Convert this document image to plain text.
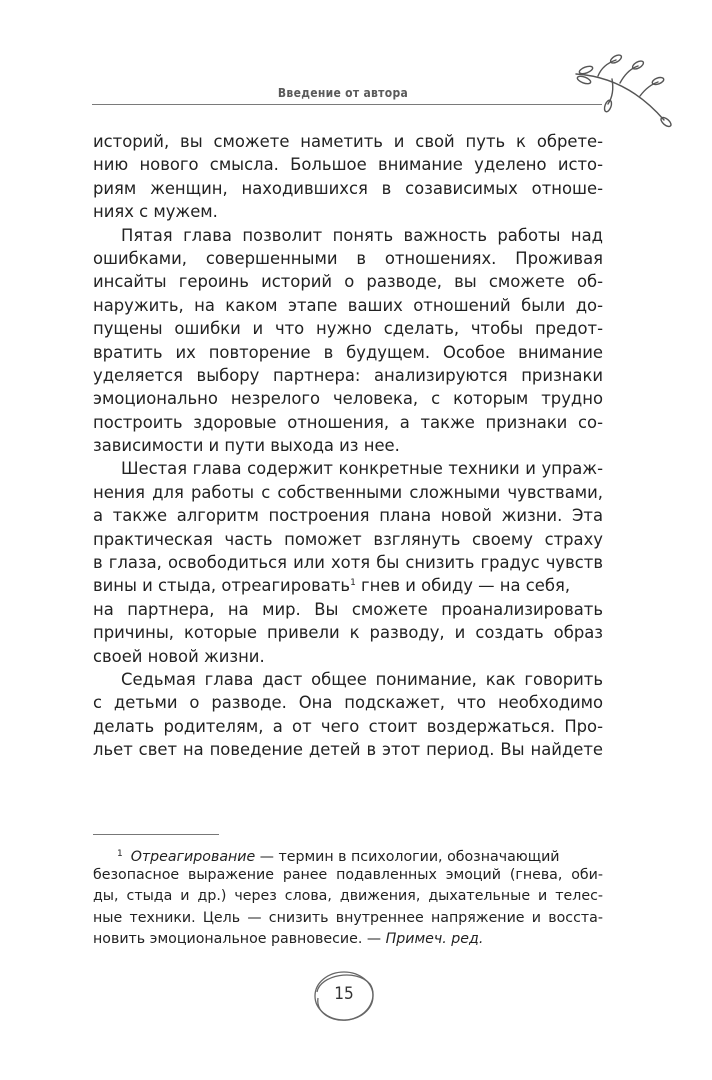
Введение от автора
историй, вы сможете наметить и свой путь к обрете-
нию нового смысла. Большое внимание уделено исто-
риям женщин, находившихся в созависимых отноше-
ниях с мужем.
Пятая глава позволит понять важность работы над
ошибками, совершенными в отношениях. Проживая
инсайты героинь историй о разводе, вы сможете об-
наружить, на каком этапе ваших отношений были до-
пущены ошибки и что нужно сделать, чтобы предот-
вратить их повторение в будущем. Особое внимание
уделяется выбору партнера: анализируются признаки
эмоционально незрелого человека, с которым трудно
построить здоровые отношения, а также признаки со-
зависимости и пути выхода из нее.
Шестая глава содержит конкретные техники и упраж-
нения для работы с собственными сложными чувствами,
а также алгоритм построения плана новой жизни. Эта
практическая часть поможет взглянуть своему страху
в глаза, освободиться или хотя бы снизить градус чувств
вины и стыда, отреагировать$^1$ гнев и обиду — на себя,
на партнера, на мир. Вы сможете проанализировать
причины, которые привели к разводу, и создать образ
своей новой жизни.
Седьмая глава даст общее понимание, как говорить
с детьми о разводе. Она подскажет, что необходимо
делать родителям, а от чего стоит воздержаться. Про-
льет свет на поведение детей в этот период. Вы найдете
$^1$ Отреагирование — термин в психологии, обозначающий
безопасное выражение ранее подавленных эмоций (гнева, оби-
ды, стыда и др.) через слова, движения, дыхательные и телес-
ные техники. Цель — снизить внутреннее напряжение и восста-
новить эмоциональное равновесие. — Примеч. ред.
15
